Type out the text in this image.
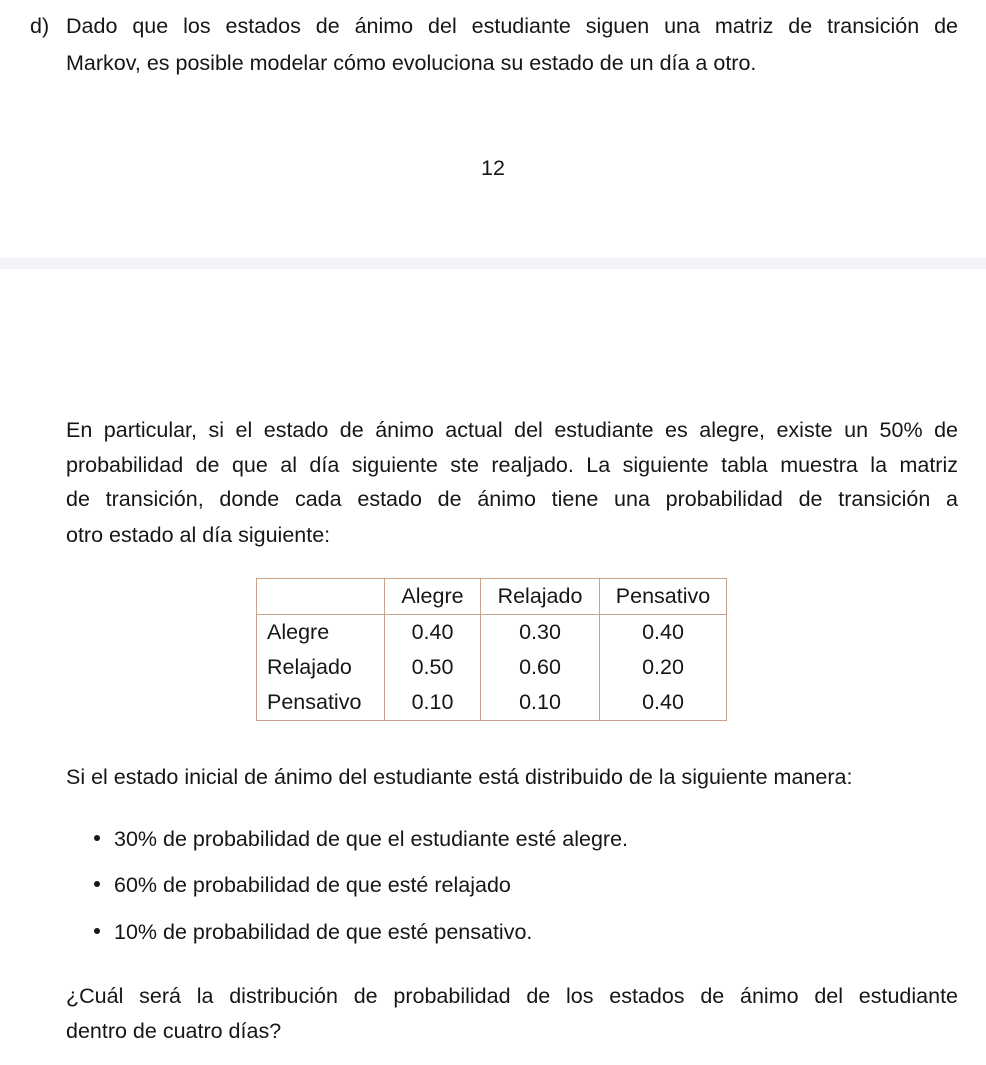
d) Dado que los estados de ánimo del estudiante siguen una matriz de transición de
Markov, es posible modelar cómo evoluciona su estado de un día a otro.
12
En particular, si el estado de ánimo actual del estudiante es alegre, existe un 50% de
probabilidad de que al día siguiente ste realjado. La siguiente tabla muestra la matriz
de transición, donde cada estado de ánimo tiene una probabilidad de transición a
otro estado al día siguiente:
	Alegre	Relajado	Pensativo
Alegre	0.40	0.30	0.40
Relajado	0.50	0.60	0.20
Pensativo	0.10	0.10	0.40
Si el estado inicial de ánimo del estudiante está distribuido de la siguiente manera:
30% de probabilidad de que el estudiante esté alegre.
60% de probabilidad de que esté relajado
10% de probabilidad de que esté pensativo.
¿Cuál será la distribución de probabilidad de los estados de ánimo del estudiante
dentro de cuatro días?
